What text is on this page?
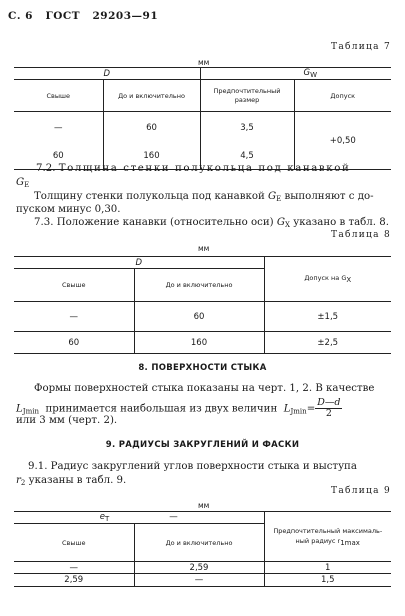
С. 6 ГОСТ 29203—91
Таблица 7
мм
D		$G_W$
Свыше	До и включительно	Предпочтительный размер	Допуск
—	60	3,5	+0,50
60	160	4,5	
7.2. Толщина стенки полукольца под канавкой
$G_E$
Толщину стенки полукольца под канавкой $G_E$ выполняют с до-
пуском минус 0,30.
7.3. Положение канавки (относительно оси) $G_X$ указано в табл. 8.
Таблица 8
мм
D		Допуск на GX
Свыше	До и включительно	
—	60	±1,5
60	160	±2,5
8. ПОВЕРХНОСТИ СТЫКА
Формы поверхностей стыка показаны на черт. 1, 2. В качестве
$L_{Jmin}$ принимается наибольшая из двух величин $L_{Jmin}= \frac{D—d}{2}$
или 3 мм (черт. 2).
9. РАДИУСЫ ЗАКРУГЛЕНИЙ И ФАСКИ
9.1. Радиус закруглений углов поверхности стыка и выступа
$r_2$ указаны в табл. 9.
Таблица 9
мм
$e_T$ —		Предпочтительный максималь-ный радиус r1max
Свыше	До и включительно	
—	2,59	1
2,59	—	1,5
